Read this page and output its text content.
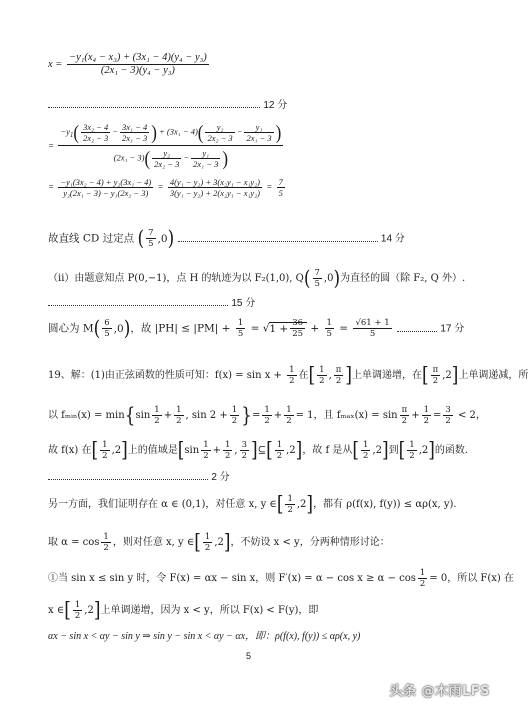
$x = \frac{\text{−y₁(x₄ − x₃) + (3x₁ − 4)(y₄ − y₃)}}{\text{(2x₁ − 3)(y₄ − y₃)}}$
12 分
=
$-y_1( \frac{\text{3x₂ − 4}}{\text{2x₂ − 3}} - \frac{\text{3x₁ − 4}}{\text{2x₁ − 3}}$ ) + $(3x_1 - 4)( \frac{\text{y₂}}{\text{2x₂ − 3}} - \frac{\text{y₁}}{\text{2x₁ − 3}}$ )
$(2x_1 - 3)( \frac{\text{y₂}}{\text{2x₂ − 3}} - \frac{\text{y₁}}{\text{2x₁ − 3}}$ )
= $\frac{\text{−y₁(3x₂ − 4) + y₂(3x₁ − 4)}}{\text{y₂(2x₁ − 3) − y₁(2x₂ − 3)}} = \frac{\text{4(y₁ − y₂) + 3(x₂y₁ − x₁y₂)}}{\text{3(y₁ − y₂) + 2(x₂y₁ − x₁y₂)}} = \frac{7}{5}$
故直线 CD 过定点 ( $\frac{7}{5} ,0$)	14 分
（ii）由题意知点 P(0,−1)，点 H 的轨迹为以 F₂(1,0), $Q( \frac{7}{5} ,0)$为直径的圆（除 F₂, Q 外）.
15 分
圆心为 $M( \frac{6}{5} ,0)$，故 $|PH| \le |PM| + \frac{1}{5} = √1 + \frac{36}{25} + \frac{1}{5} = \frac{√61 + 1}{5}$	17 分
19、解：(1)由正弦函数的性质可知：$f(x) = \sin x + \frac{1}{2}$ 在[ $\frac{1}{2}$ , $\frac{\pi}{2}$ ]上单调递增，在[ $\frac{\pi}{2} ,2$]上单调递减，所
以 fₘᵢₙ(x) = $\min\{\sin \frac{1}{2} + \frac{1}{2}$ , $\sin 2 + \frac{1}{2}$ }= $\frac{1}{2} + \frac{1}{2} = 1$，且 $f_{max}(x) = \sin \frac{\pi}{2} + \frac{1}{2} = \frac{3}{2} < 2$，
故 f(x) 在[ $\frac{1}{2} ,2$]上的值域是[$\sin \frac{1}{2} + \frac{1}{2}$ , $\frac{3}{2}$ ]⊆[ $\frac{1}{2} ,2$]，故 f 是从[ $\frac{1}{2} ,2$]到[ $\frac{1}{2} ,2$]的函数.
2 分
另一方面，我们证明存在 α ∈ (0,1)，对任意 x, y ∈[ $\frac{1}{2} ,2$]，都有 ρ(f(x), f(y)) ≤ αρ(x, y).
取 $\alpha = \cos \frac{1}{2}$ ，则对任意 x, y ∈[ $\frac{1}{2} ,2$]，不妨设 x < y，分两种情形讨论：
①当 sin x ≤ sin y 时，令 F(x) = αx − sin x，则 $F'(x) = \alpha - \cos x \ge \alpha - \cos \frac{1}{2} = 0$，所以 F(x) 在
x ∈[ $\frac{1}{2} ,2$]上单调递增，因为 x < y，所以 F(x) < F(y)，即
αx − sin x < αy − sin y ⇒ sin y − sin x < αy − αx，即：ρ(f(x), f(y)) ≤ αρ(x, y)
5
头条 @木雨LFS
